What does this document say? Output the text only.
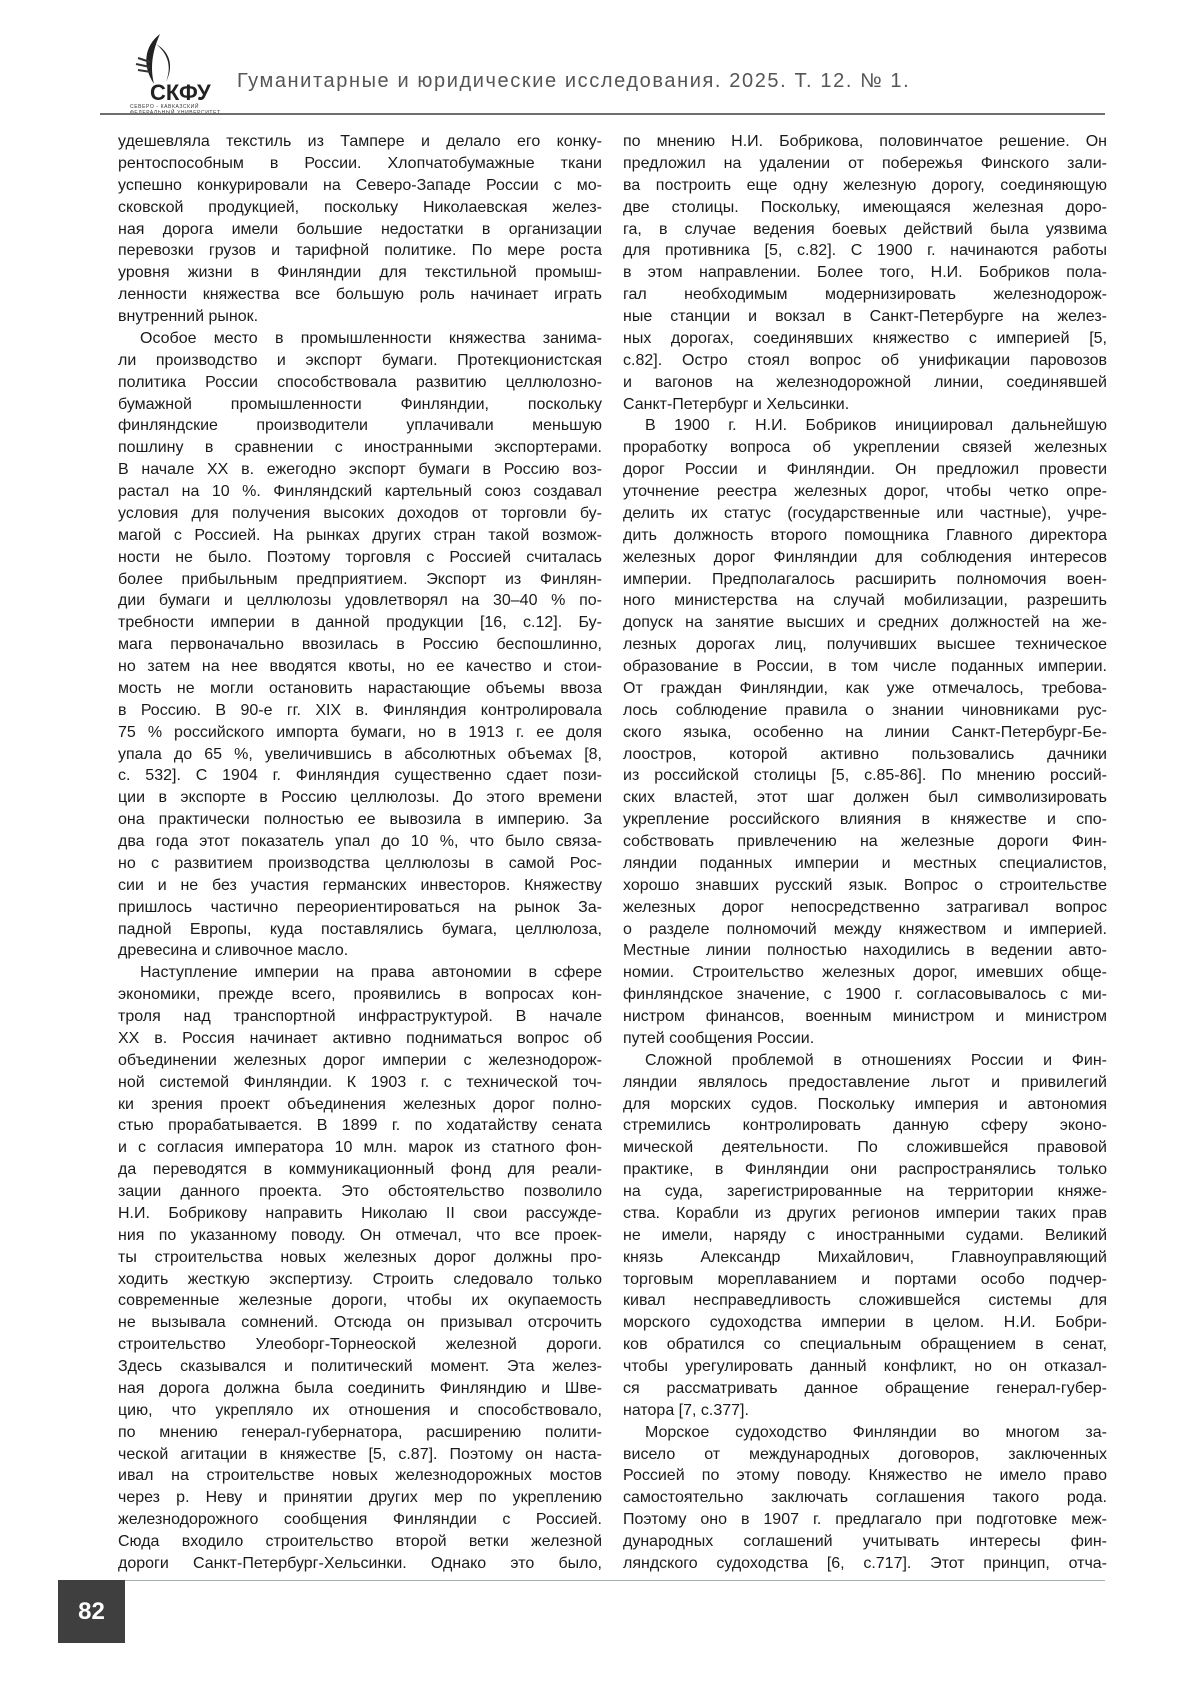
СКФУ
СЕВЕРО - КАВКАЗСКИЙ
Гуманитарные и юридические исследования. 2025. Т. 12. № 1.
удешевляла текстиль из Тампере и делало его конку-
рентоспособным в России. Хлопчатобумажные ткани
успешно конкурировали на Северо-Западе России с мо-
сковской продукцией, поскольку Николаевская желез-
ная дорога имели большие недостатки в организации
перевозки грузов и тарифной политике. По мере роста
уровня жизни в Финляндии для текстильной промыш-
ленности княжества все большую роль начинает играть
внутренний рынок.
Особое место в промышленности княжества занима-
ли производство и экспорт бумаги. Протекционистская
политика России способствовала развитию целлюлозно-
бумажной промышленности Финляндии, поскольку
финляндские производители уплачивали меньшую
пошлину в сравнении с иностранными экспортерами.
В начале XX в. ежегодно экспорт бумаги в Россию воз-
растал на 10 %. Финляндский картельный союз создавал
условия для получения высоких доходов от торговли бу-
магой с Россией. На рынках других стран такой возмож-
ности не было. Поэтому торговля с Россией считалась
более прибыльным предприятием. Экспорт из Финлян-
дии бумаги и целлюлозы удовлетворял на 30–40 % по-
требности империи в данной продукции [16, с.12]. Бу-
мага первоначально ввозилась в Россию беспошлинно,
но затем на нее вводятся квоты, но ее качество и стои-
мость не могли остановить нарастающие объемы ввоза
в Россию. В 90-е гг. XIX в. Финляндия контролировала
75 % российского импорта бумаги, но в 1913 г. ее доля
упала до 65 %, увеличившись в абсолютных объемах [8,
с. 532]. С 1904 г. Финляндия существенно сдает пози-
ции в экспорте в Россию целлюлозы. До этого времени
она практически полностью ее вывозила в империю. За
два года этот показатель упал до 10 %, что было связа-
но с развитием производства целлюлозы в самой Рос-
сии и не без участия германских инвесторов. Княжеству
пришлось частично переориентироваться на рынок За-
падной Европы, куда поставлялись бумага, целлюлоза,
древесина и сливочное масло.
Наступление империи на права автономии в сфере
экономики, прежде всего, проявились в вопросах кон-
троля над транспортной инфраструктурой. В начале
XX в. Россия начинает активно подниматься вопрос об
объединении железных дорог империи с железнодорож-
ной системой Финляндии. К 1903 г. с технической точ-
ки зрения проект объединения железных дорог полно-
стью прорабатывается. В 1899 г. по ходатайству сената
и с согласия императора 10 млн. марок из статного фон-
да переводятся в коммуникационный фонд для реали-
зации данного проекта. Это обстоятельство позволило
Н.И. Бобрикову направить Николаю II свои рассужде-
ния по указанному поводу. Он отмечал, что все проек-
ты строительства новых железных дорог должны про-
ходить жесткую экспертизу. Строить следовало только
современные железные дороги, чтобы их окупаемость
не вызывала сомнений. Отсюда он призывал отсрочить
строительство Улеоборг-Торнеоской железной дороги.
Здесь сказывался и политический момент. Эта желез-
ная дорога должна была соединить Финляндию и Шве-
цию, что укрепляло их отношения и способствовало,
по мнению генерал-губернатора, расширению полити-
ческой агитации в княжестве [5, с.87]. Поэтому он наста-
ивал на строительстве новых железнодорожных мостов
через р. Неву и принятии других мер по укреплению
железнодорожного сообщения Финляндии с Россией.
Сюда входило строительство второй ветки железной
дороги Санкт-Петербург-Хельсинки. Однако это было,
по мнению Н.И. Бобрикова, половинчатое решение. Он
предложил на удалении от побережья Финского зали-
ва построить еще одну железную дорогу, соединяющую
две столицы. Поскольку, имеющаяся железная доро-
га, в случае ведения боевых действий была уязвима
для противника [5, с.82]. С 1900 г. начинаются работы
в этом направлении. Более того, Н.И. Бобриков пола-
гал необходимым модернизировать железнодорож-
ные станции и вокзал в Санкт-Петербурге на желез-
ных дорогах, соединявших княжество с империей [5,
с.82]. Остро стоял вопрос об унификации паровозов
и вагонов на железнодорожной линии, соединявшей
Санкт-Петербург и Хельсинки.
В 1900 г. Н.И. Бобриков инициировал дальнейшую
проработку вопроса об укреплении связей железных
дорог России и Финляндии. Он предложил провести
уточнение реестра железных дорог, чтобы четко опре-
делить их статус (государственные или частные), учре-
дить должность второго помощника Главного директора
железных дорог Финляндии для соблюдения интересов
империи. Предполагалось расширить полномочия воен-
ного министерства на случай мобилизации, разрешить
допуск на занятие высших и средних должностей на же-
лезных дорогах лиц, получивших высшее техническое
образование в России, в том числе поданных империи.
От граждан Финляндии, как уже отмечалось, требова-
лось соблюдение правила о знании чиновниками рус-
ского языка, особенно на линии Санкт-Петербург-Бе-
лоостров, которой активно пользовались дачники
из российской столицы [5, с.85-86]. По мнению россий-
ских властей, этот шаг должен был символизировать
укрепление российского влияния в княжестве и спо-
собствовать привлечению на железные дороги Фин-
ляндии поданных империи и местных специалистов,
хорошо знавших русский язык. Вопрос о строительстве
железных дорог непосредственно затрагивал вопрос
о разделе полномочий между княжеством и империей.
Местные линии полностью находились в ведении авто-
номии. Строительство железных дорог, имевших обще-
финляндское значение, с 1900 г. согласовывалось с ми-
нистром финансов, военным министром и министром
путей сообщения России.
Сложной проблемой в отношениях России и Фин-
ляндии являлось предоставление льгот и привилегий
для морских судов. Поскольку империя и автономия
стремились контролировать данную сферу эконо-
мической деятельности. По сложившейся правовой
практике, в Финляндии они распространялись только
на суда, зарегистрированные на территории княже-
ства. Корабли из других регионов империи таких прав
не имели, наряду с иностранными судами. Великий
князь Александр Михайлович, Главноуправляющий
торговым мореплаванием и портами особо подчер-
кивал несправедливость сложившейся системы для
морского судоходства империи в целом. Н.И. Бобри-
ков обратился со специальным обращением в сенат,
чтобы урегулировать данный конфликт, но он отказал-
ся рассматривать данное обращение генерал-губер-
натора [7, с.377].
Морское судоходство Финляндии во многом за-
висело от международных договоров, заключенных
Россией по этому поводу. Княжество не имело право
самостоятельно заключать соглашения такого рода.
Поэтому оно в 1907 г. предлагало при подготовке меж-
дународных соглашений учитывать интересы фин-
ляндского судоходства [6, с.717]. Этот принцип, отча-
82
